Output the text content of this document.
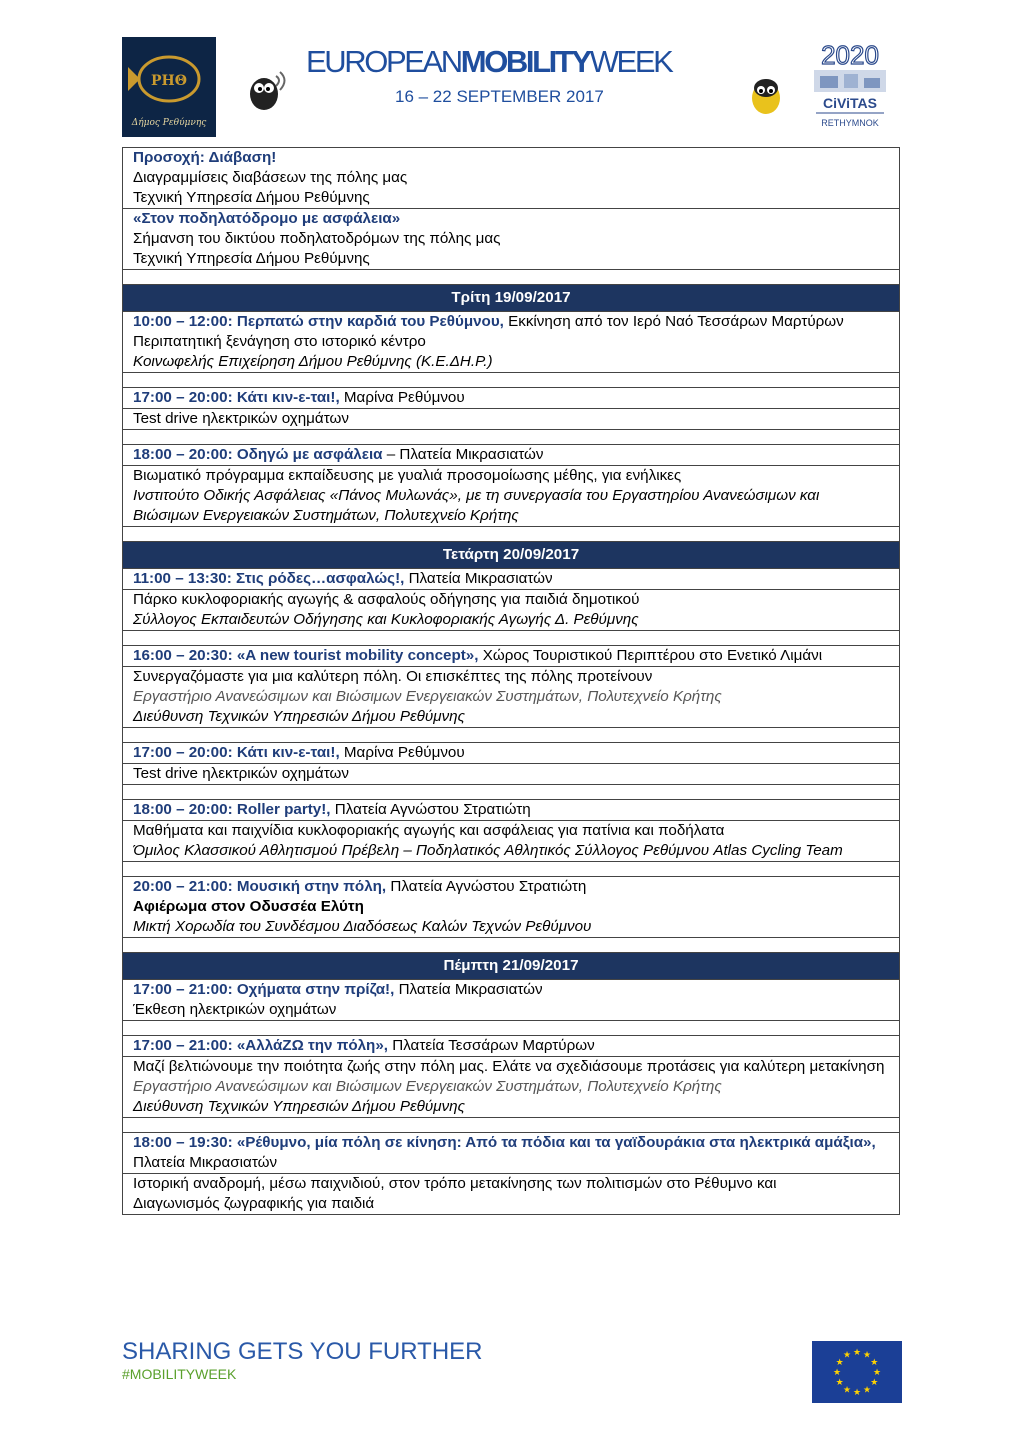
ΡΗΘ
Δήμος Ρεθύμνης
EUROPEANMOBILITYWEEK
16 – 22 SEPTEMBER 2017
2020
CiViTAS
RETHYMNOK
Προσοχή: Διάβαση!
Διαγραμμίσεις διαβάσεων της πόλης μας
Τεχνική Υπηρεσία Δήμου Ρεθύμνης

«Στον ποδηλατόδρομο με ασφάλεια»
Σήμανση του δικτύου ποδηλατοδρόμων της πόλης μας
Τεχνική Υπηρεσία Δήμου Ρεθύμνης

Τρίτη 19/09/2017

10:00 – 12:00: Περπατώ στην καρδιά του Ρεθύμνου, Εκκίνηση από τον Ιερό Ναό Τεσσάρων Μαρτύρων
Περιπατητική ξενάγηση στο ιστορικό κέντρο
Κοινωφελής Επιχείρηση Δήμου Ρεθύμνης (Κ.Ε.ΔΗ.Ρ.)

17:00 – 20:00: Κάτι κιν-ε-ται!, Μαρίνα Ρεθύμνου

Test drive ηλεκτρικών οχημάτων

18:00 – 20:00: Οδηγώ με ασφάλεια – Πλατεία Μικρασιατών

Βιωματικό πρόγραμμα εκπαίδευσης με γυαλιά προσομοίωσης μέθης, για ενήλικες
Ινστιτούτο Οδικής Ασφάλειας «Πάνος Μυλωνάς», με τη συνεργασία του Εργαστηρίου Ανανεώσιμων και Βιώσιμων Ενεργειακών Συστημάτων, Πολυτεχνείο Κρήτης

Τετάρτη 20/09/2017

11:00 – 13:30: Στις ρόδες…ασφαλώς!, Πλατεία Μικρασιατών

Πάρκο κυκλοφοριακής αγωγής & ασφαλούς οδήγησης για παιδιά δημοτικού
Σύλλογος Εκπαιδευτών Οδήγησης και Κυκλοφοριακής Αγωγής Δ. Ρεθύμνης

16:00 – 20:30: «A new tourist mobility concept», Χώρος Τουριστικού Περιπτέρου στο Ενετικό Λιμάνι

Συνεργαζόμαστε για μια καλύτερη πόλη. Οι επισκέπτες της πόλης προτείνουν
Εργαστήριο Ανανεώσιμων και Βιώσιμων Ενεργειακών Συστημάτων, Πολυτεχνείο Κρήτης
Διεύθυνση Τεχνικών Υπηρεσιών Δήμου Ρεθύμνης

17:00 – 20:00: Κάτι κιν-ε-ται!, Μαρίνα Ρεθύμνου

Test drive ηλεκτρικών οχημάτων

18:00 – 20:00: Roller party!, Πλατεία Αγνώστου Στρατιώτη

Μαθήματα και παιχνίδια κυκλοφοριακής αγωγής και ασφάλειας για πατίνια και ποδήλατα
Όμιλος Κλασσικού Αθλητισμού Πρέβελη – Ποδηλατικός Αθλητικός Σύλλογος Ρεθύμνου Atlas Cycling Team

20:00 – 21:00: Μουσική στην πόλη, Πλατεία Αγνώστου Στρατιώτη
Αφιέρωμα στον Οδυσσέα Ελύτη
Μικτή Χορωδία του Συνδέσμου Διαδόσεως Καλών Τεχνών Ρεθύμνου

Πέμπτη 21/09/2017

17:00 – 21:00: Οχήματα στην πρίζα!, Πλατεία Μικρασιατών
Έκθεση ηλεκτρικών οχημάτων

17:00 – 21:00: «ΑλλάΖΩ την πόλη», Πλατεία Τεσσάρων Μαρτύρων

Μαζί βελτιώνουμε την ποιότητα ζωής στην πόλη μας. Ελάτε να σχεδιάσουμε προτάσεις για καλύτερη μετακίνηση
Εργαστήριο Ανανεώσιμων και Βιώσιμων Ενεργειακών Συστημάτων, Πολυτεχνείο Κρήτης
Διεύθυνση Τεχνικών Υπηρεσιών Δήμου Ρεθύμνης

18:00 – 19:30: «Ρέθυμνο, μία πόλη σε κίνηση: Από τα πόδια και τα γαϊδουράκια στα ηλεκτρικά αμάξια», Πλατεία Μικρασιατών

Ιστορική αναδρομή, μέσω παιχνιδιού, στον τρόπο μετακίνησης των πολιτισμών στο Ρέθυμνο και
Διαγωνισμός ζωγραφικής για παιδιά
SHARING GETS YOU FURTHER
#MOBILITYWEEK
★ ★
★
★
★
★
★
★
★
★
★
★
